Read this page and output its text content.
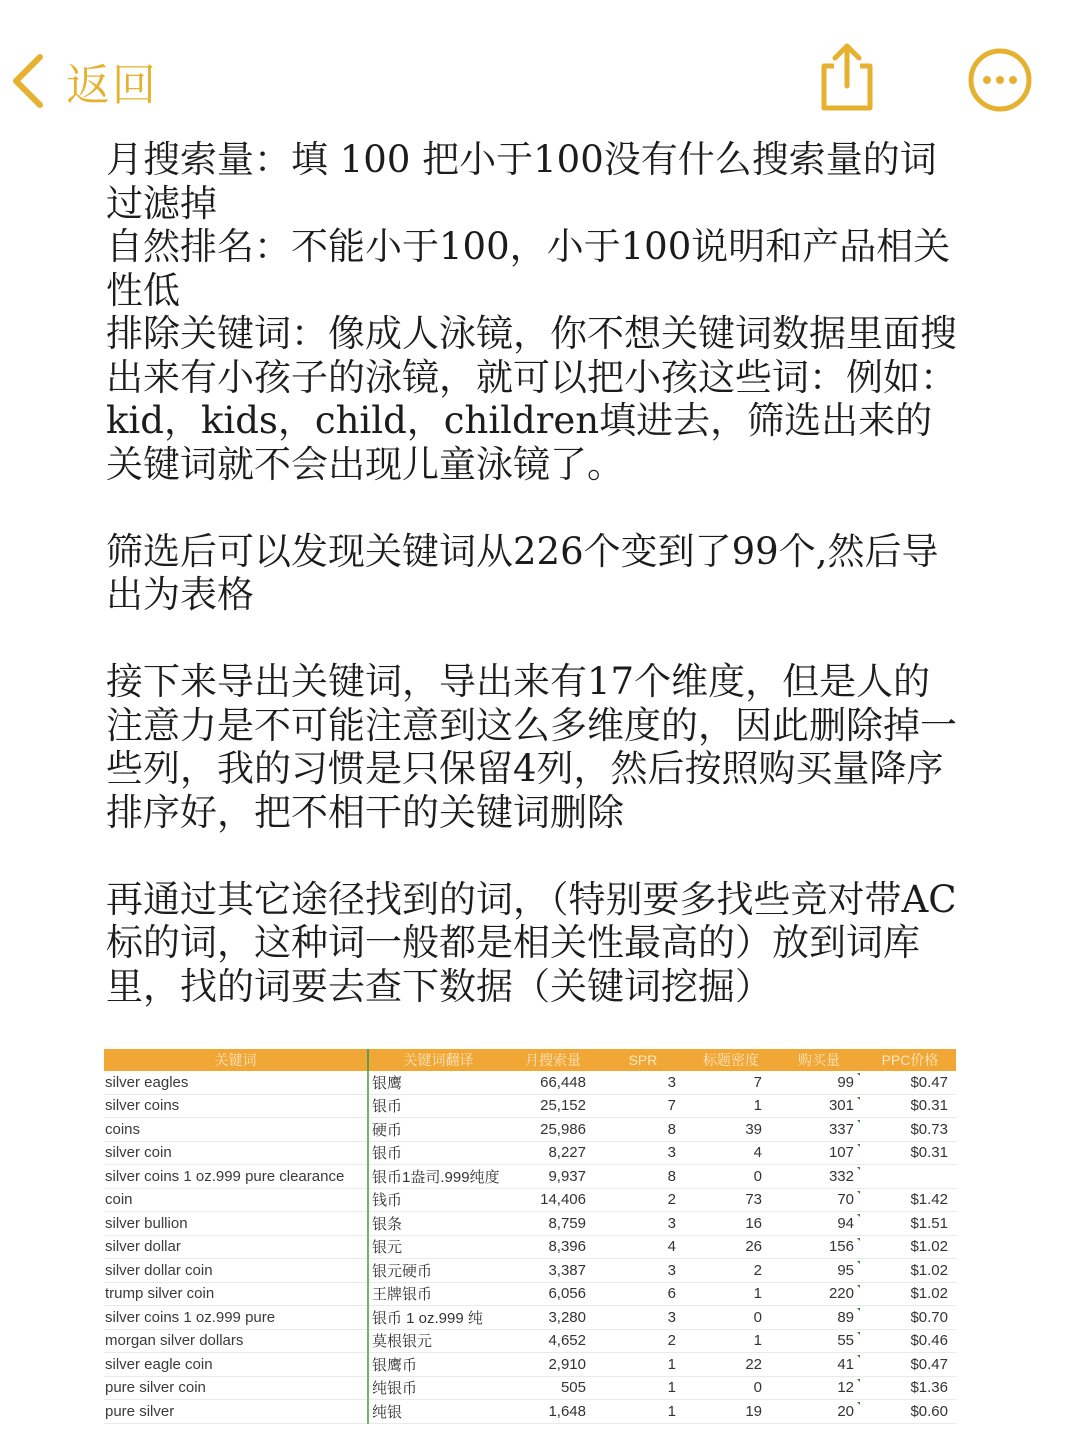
返回

月搜索量：填 100 把小于100没有什么搜索量的词过滤掉

自然排名：不能小于100，小于100说明和产品相关性低

排除关键词：像成人泳镜，你不想关键词数据里面搜出来有小孩子的泳镜，就可以把小孩这些词：例如：kid，kids，child，children填进去，筛选出来的关键词就不会出现儿童泳镜了。

筛选后可以发现关键词从226个变到了99个,然后导出为表格

接下来导出关键词，导出来有17个维度，但是人的注意力是不可能注意到这么多维度的，因此删除掉一些列，我的习惯是只保留4列，然后按照购买量降序排序好，把不相干的关键词删除

再通过其它途径找到的词，（特别要多找些竞对带AC标的词，这种词一般都是相关性最高的）放到词库里，找的词要去查下数据（关键词挖掘）

关键词	关键词翻译	月搜索量	SPR	标题密度	购买量	PPC价格
silver eagles	银鹰	66,448	3	7	99	$0.47
silver coins	银币	25,152	7	1	301	$0.31
coins	硬币	25,986	8	39	337	$0.73
silver coin	银币	8,227	3	4	107	$0.31
silver coins 1 oz.999 pure clearance	银币1盎司.999纯度	9,937	8	0	332	
coin	钱币	14,406	2	73	70	$1.42
silver bullion	银条	8,759	3	16	94	$1.51
silver dollar	银元	8,396	4	26	156	$1.02
silver dollar coin	银元硬币	3,387	3	2	95	$1.02
trump silver coin	王牌银币	6,056	6	1	220	$1.02
silver coins 1 oz.999 pure	银币 1 oz.999 纯	3,280	3	0	89	$0.70
morgan silver dollars	莫根银元	4,652	2	1	55	$0.46
silver eagle coin	银鹰币	2,910	1	22	41	$0.47
pure silver coin	纯银币	505	1	0	12	$1.36
pure silver	纯银	1,648	1	19	20	$0.60
